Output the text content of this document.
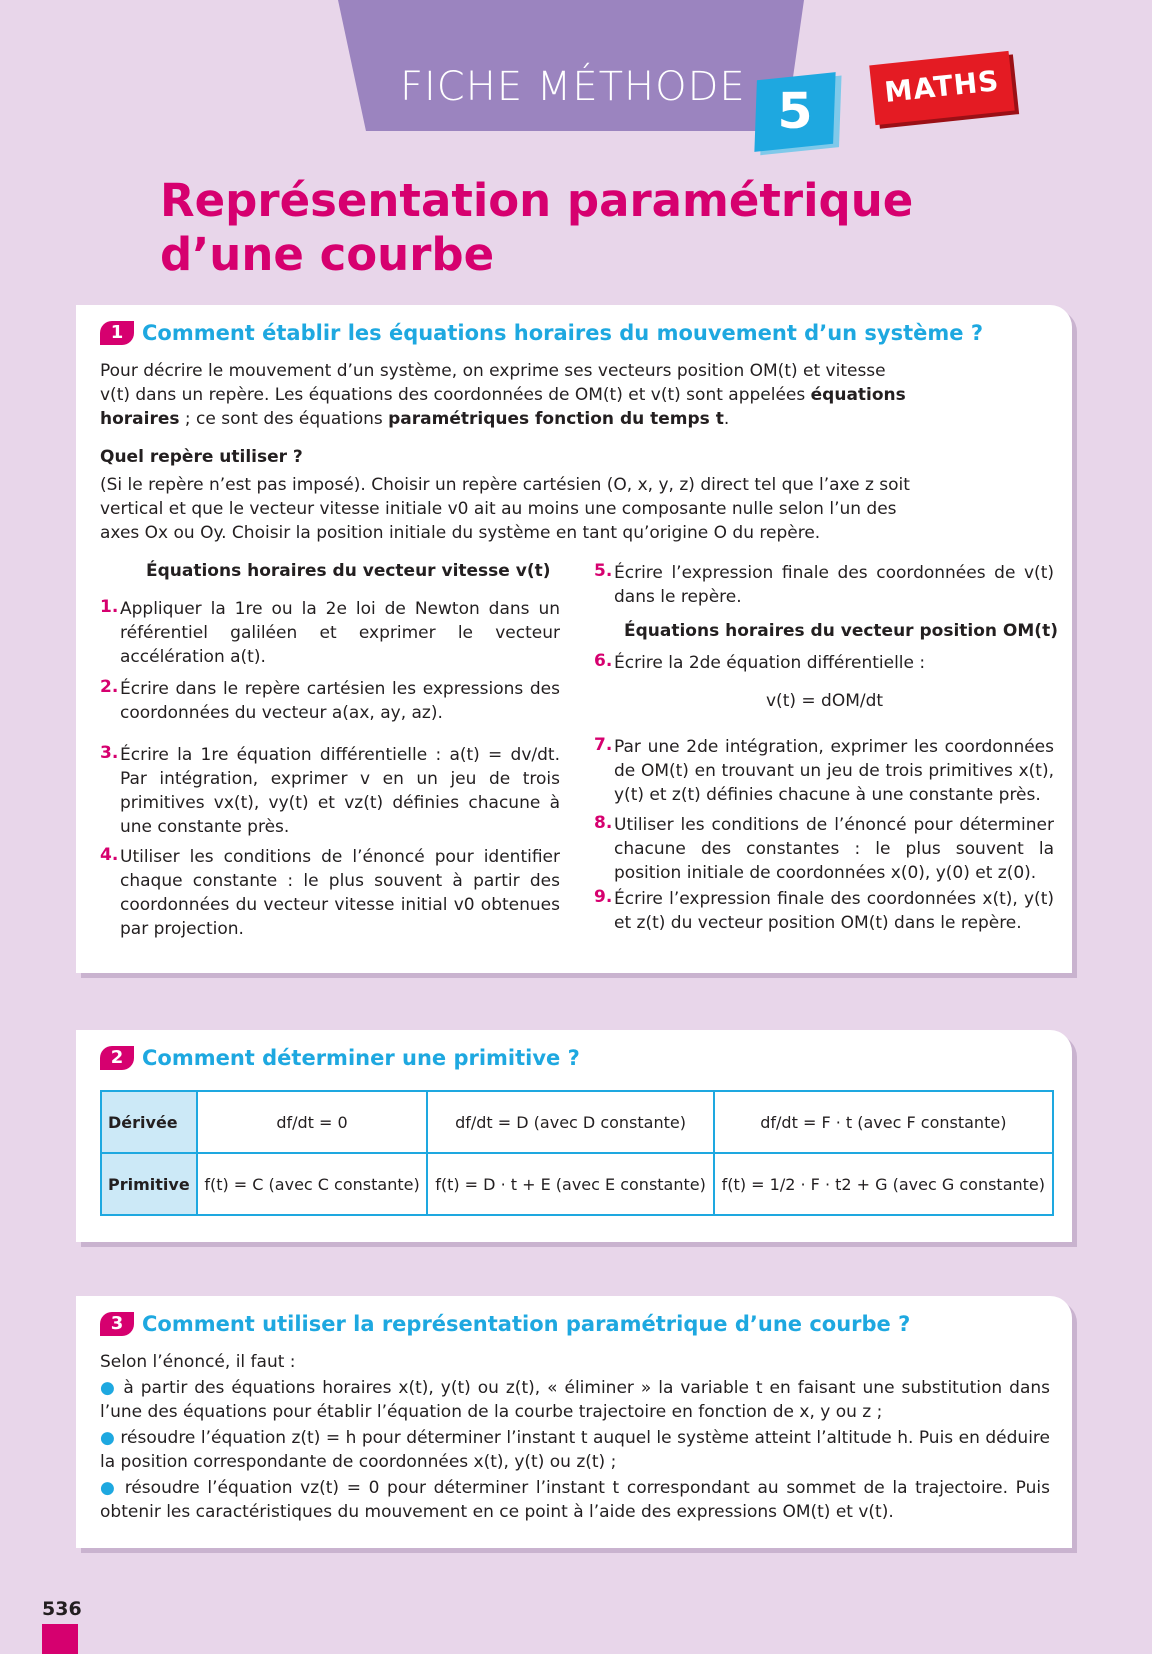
FICHE MÉTHODE 5	MATHS
Représentation paramétrique
d’une courbe
1 Comment établir les équations horaires du mouvement d’un système ?

Pour décrire le mouvement d’un système, on exprime ses vecteurs position OM(t) et vitesse
v(t) dans un repère. Les équations des coordonnées de OM(t) et v(t) sont appelées équations
horaires ; ce sont des équations paramétriques fonction du temps t.

Quel repère utiliser ?

(Si le repère n’est pas imposé). Choisir un repère cartésien (O, x, y, z) direct tel que l’axe z soit
vertical et que le vecteur vitesse initiale v0 ait au moins une composante nulle selon l’un des
axes Ox ou Oy. Choisir la position initiale du système en tant qu’origine O du repère.

Équations horaires du vecteur vitesse v(t)
1. Appliquer la 1re ou la 2e loi de Newton dans un référentiel galiléen et exprimer le vecteur accélération a(t).
2. Écrire dans le repère cartésien les expressions des coordonnées du vecteur a(ax, ay, az).
3. Écrire la 1re équation différentielle : a(t) = dv/dt. Par intégration, exprimer v en un jeu de trois primitives vx(t), vy(t) et vz(t) définies chacune à une constante près.
4. Utiliser les conditions de l’énoncé pour identifier chaque constante : le plus souvent à partir des coordonnées du vecteur vitesse initial v0 obtenues par projection.
5. Écrire l’expression finale des coordonnées de v(t) dans le repère.
Équations horaires du vecteur position OM(t)
6. Écrire la 2de équation différentielle :
v(t) = dOM/dt
7. Par une 2de intégration, exprimer les coordonnées de OM(t) en trouvant un jeu de trois primitives x(t), y(t) et z(t) définies chacune à une constante près.
8. Utiliser les conditions de l’énoncé pour déterminer chacune des constantes : le plus souvent la position initiale de coordonnées x(0), y(0) et z(0).
9. Écrire l’expression finale des coordonnées x(t), y(t) et z(t) du vecteur position OM(t) dans le repère.
2 Comment déterminer une primitive ?
Dérivée	df/dt = 0	df/dt = D (avec D constante)	df/dt = F · t (avec F constante)
Primitive	f(t) = C (avec C constante)	f(t) = D · t + E (avec E constante)	f(t) = 1/2 · F · t2 + G (avec G constante)
3 Comment utiliser la représentation paramétrique d’une courbe ?

Selon l’énoncé, il faut :

● à partir des équations horaires x(t), y(t) ou z(t), « éliminer » la variable t en faisant une substitution dans l’une des équations pour établir l’équation de la courbe trajectoire en fonction de x, y ou z ;
● résoudre l’équation z(t) = h pour déterminer l’instant t auquel le système atteint l’altitude h. Puis en déduire la position correspondante de coordonnées x(t), y(t) ou z(t) ;
● résoudre l’équation vz(t) = 0 pour déterminer l’instant t correspondant au sommet de la trajectoire. Puis obtenir les caractéristiques du mouvement en ce point à l’aide des expressions OM(t) et v(t).
536
